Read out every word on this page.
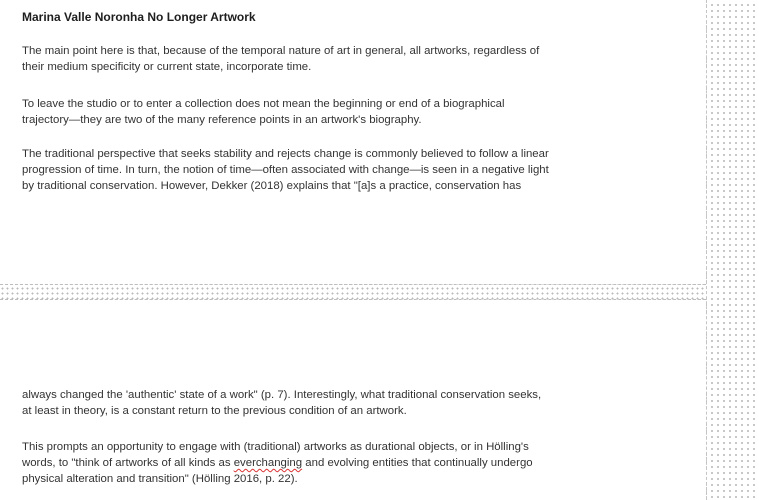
Marina Valle Noronha No Longer Artwork

The main point here is that, because of the temporal nature of art in general, all artworks, regardless of
their medium specificity or current state, incorporate time.

To leave the studio or to enter a collection does not mean the beginning or end of a biographical
trajectory—they are two of the many reference points in an artwork's biography.

The traditional perspective that seeks stability and rejects change is commonly believed to follow a linear
progression of time. In turn, the notion of time—often associated with change—is seen in a negative light
by traditional conservation. However, Dekker (2018) explains that "[a]s a practice, conservation has

always changed the 'authentic' state of a work" (p. 7). Interestingly, what traditional conservation seeks,
at least in theory, is a constant return to the previous condition of an artwork.

This prompts an opportunity to engage with (traditional) artworks as durational objects, or in Hölling's
words, to "think of artworks of all kinds as everchanging and evolving entities that continually undergo
physical alteration and transition" (Hölling 2016, p. 22).
